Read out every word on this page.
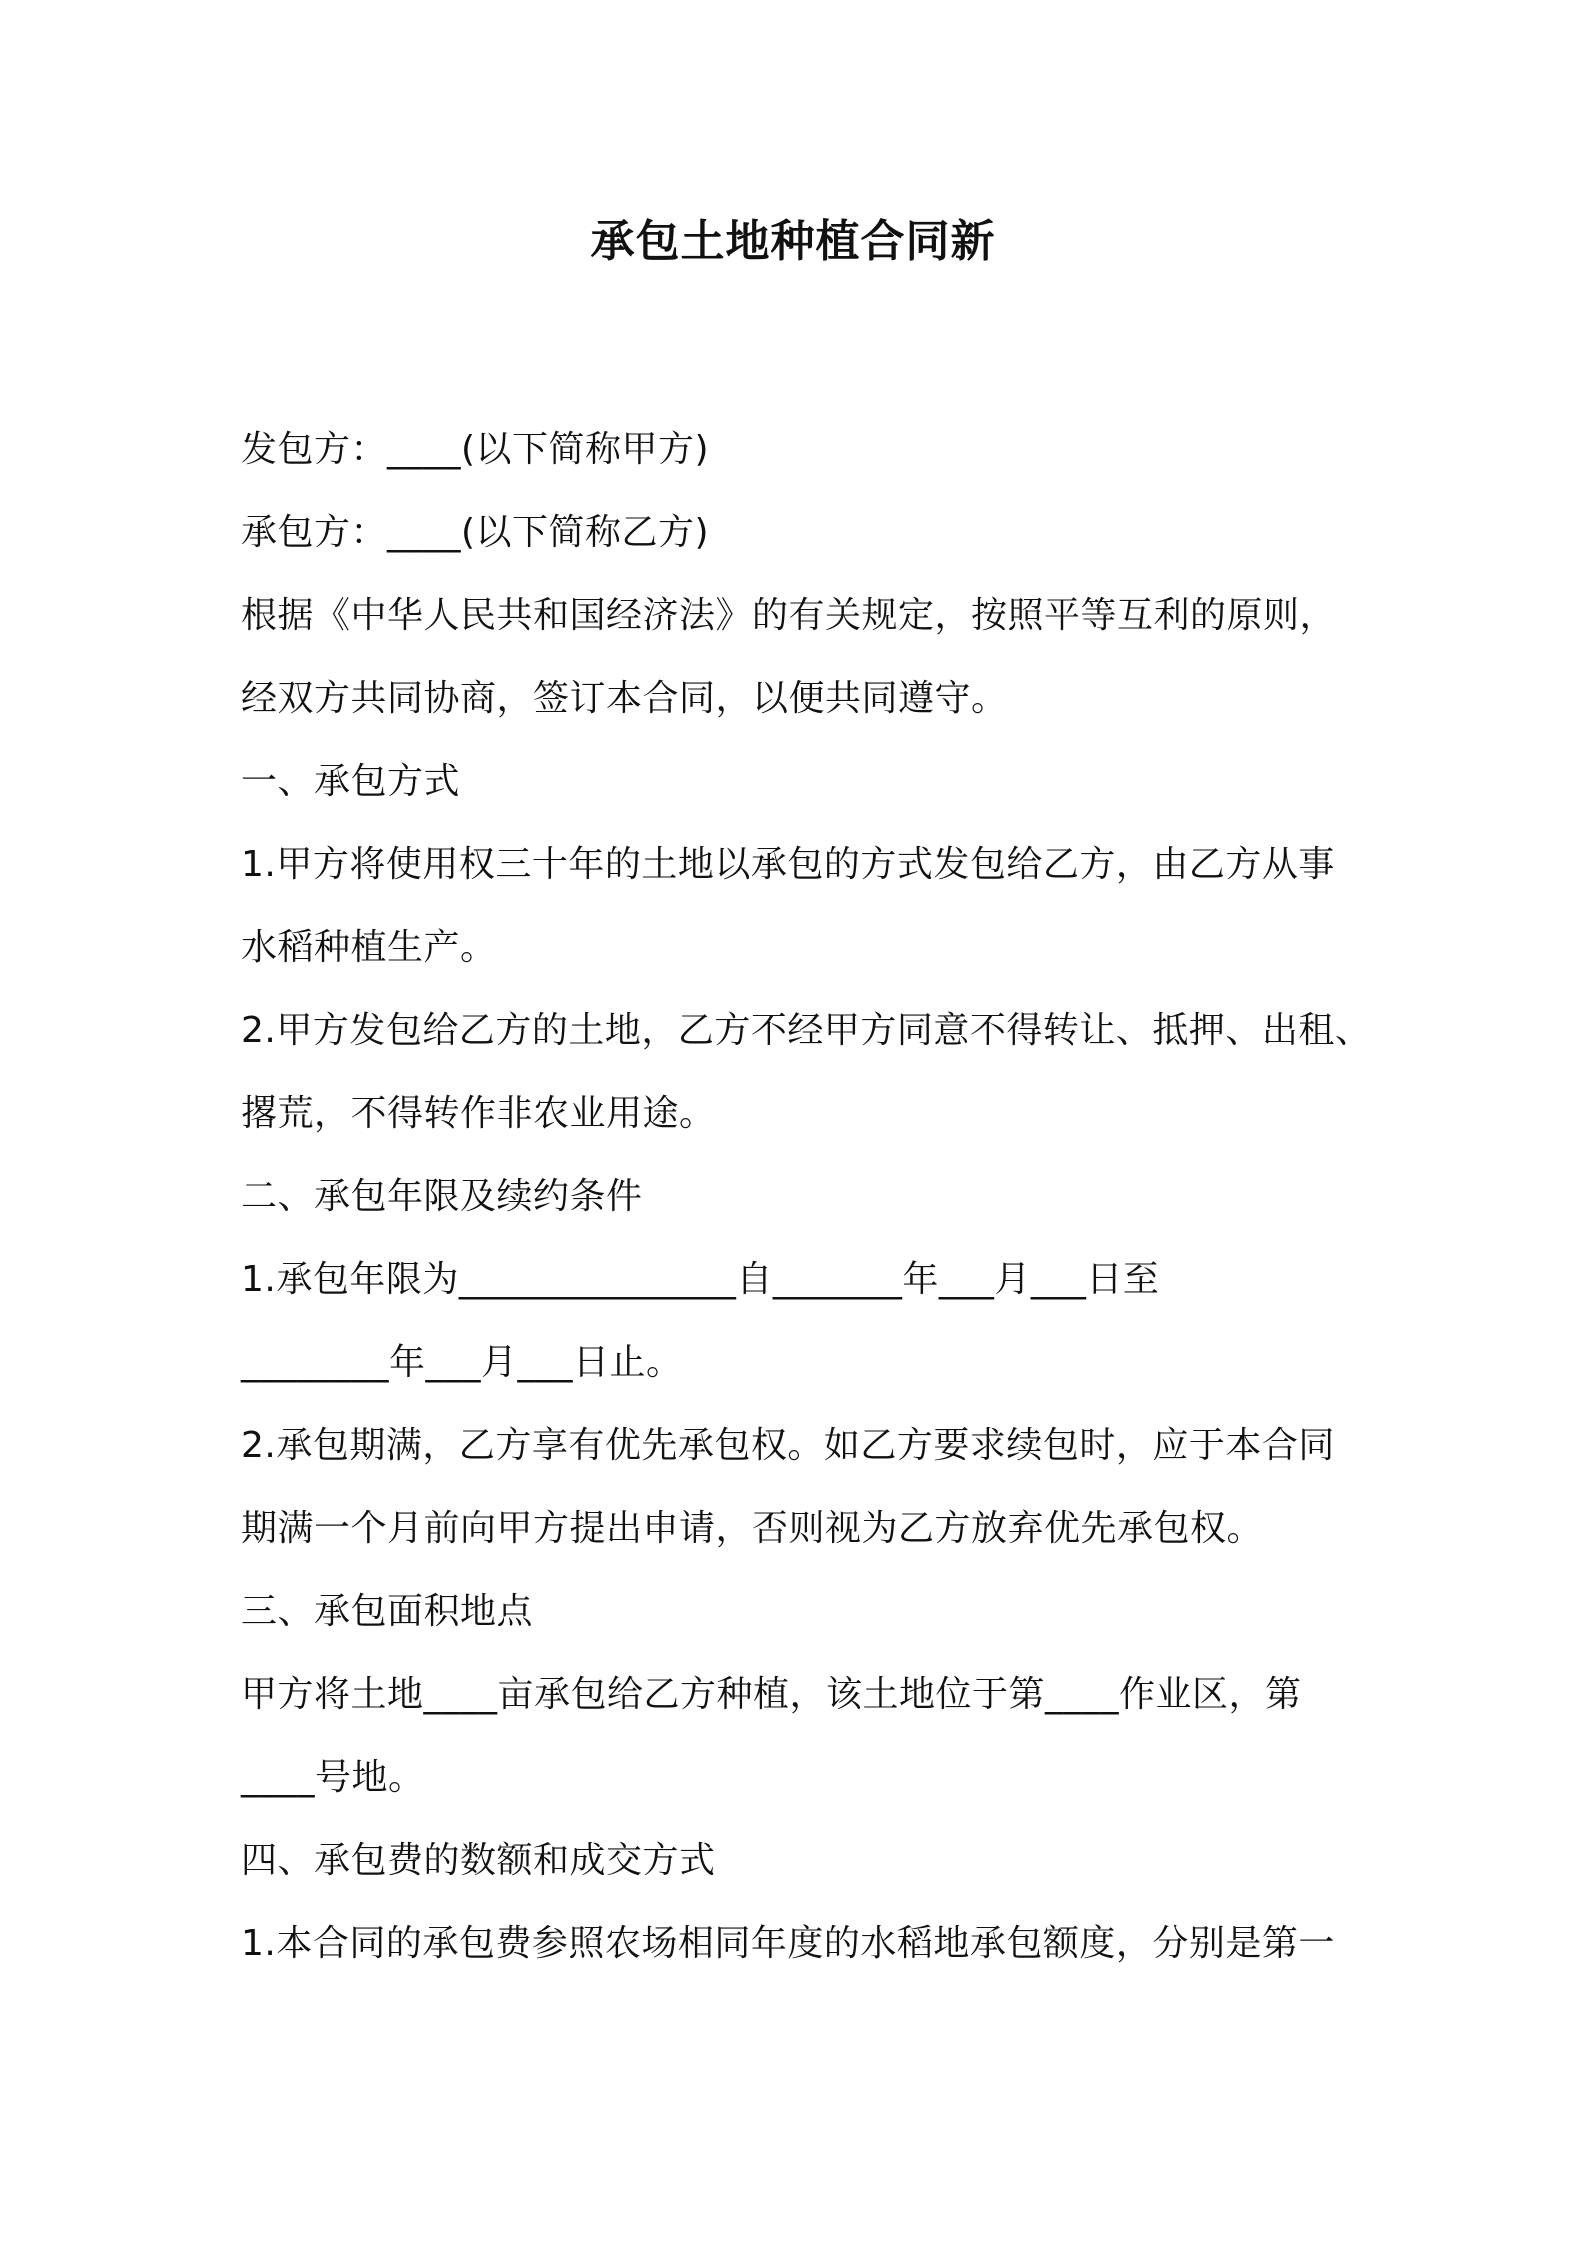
承包土地种植合同新
发包方：____(以下简称甲方)
承包方：____(以下简称乙方)
根据《中华人民共和国经济法》的有关规定，按照平等互利的原则，
经双方共同协商，签订本合同，以便共同遵守。
一、承包方式
1.甲方将使用权三十年的土地以承包的方式发包给乙方，由乙方从事
水稻种植生产。
2.甲方发包给乙方的土地，乙方不经甲方同意不得转让、抵押、出租、
撂荒，不得转作非农业用途。
二、承包年限及续约条件
1.承包年限为_______________自_______年___月___日至
________年___月___日止。
2.承包期满，乙方享有优先承包权。如乙方要求续包时，应于本合同
期满一个月前向甲方提出申请，否则视为乙方放弃优先承包权。
三、承包面积地点
甲方将土地____亩承包给乙方种植，该土地位于第____作业区，第
____号地。
四、承包费的数额和成交方式
1.本合同的承包费参照农场相同年度的水稻地承包额度，分别是第一
